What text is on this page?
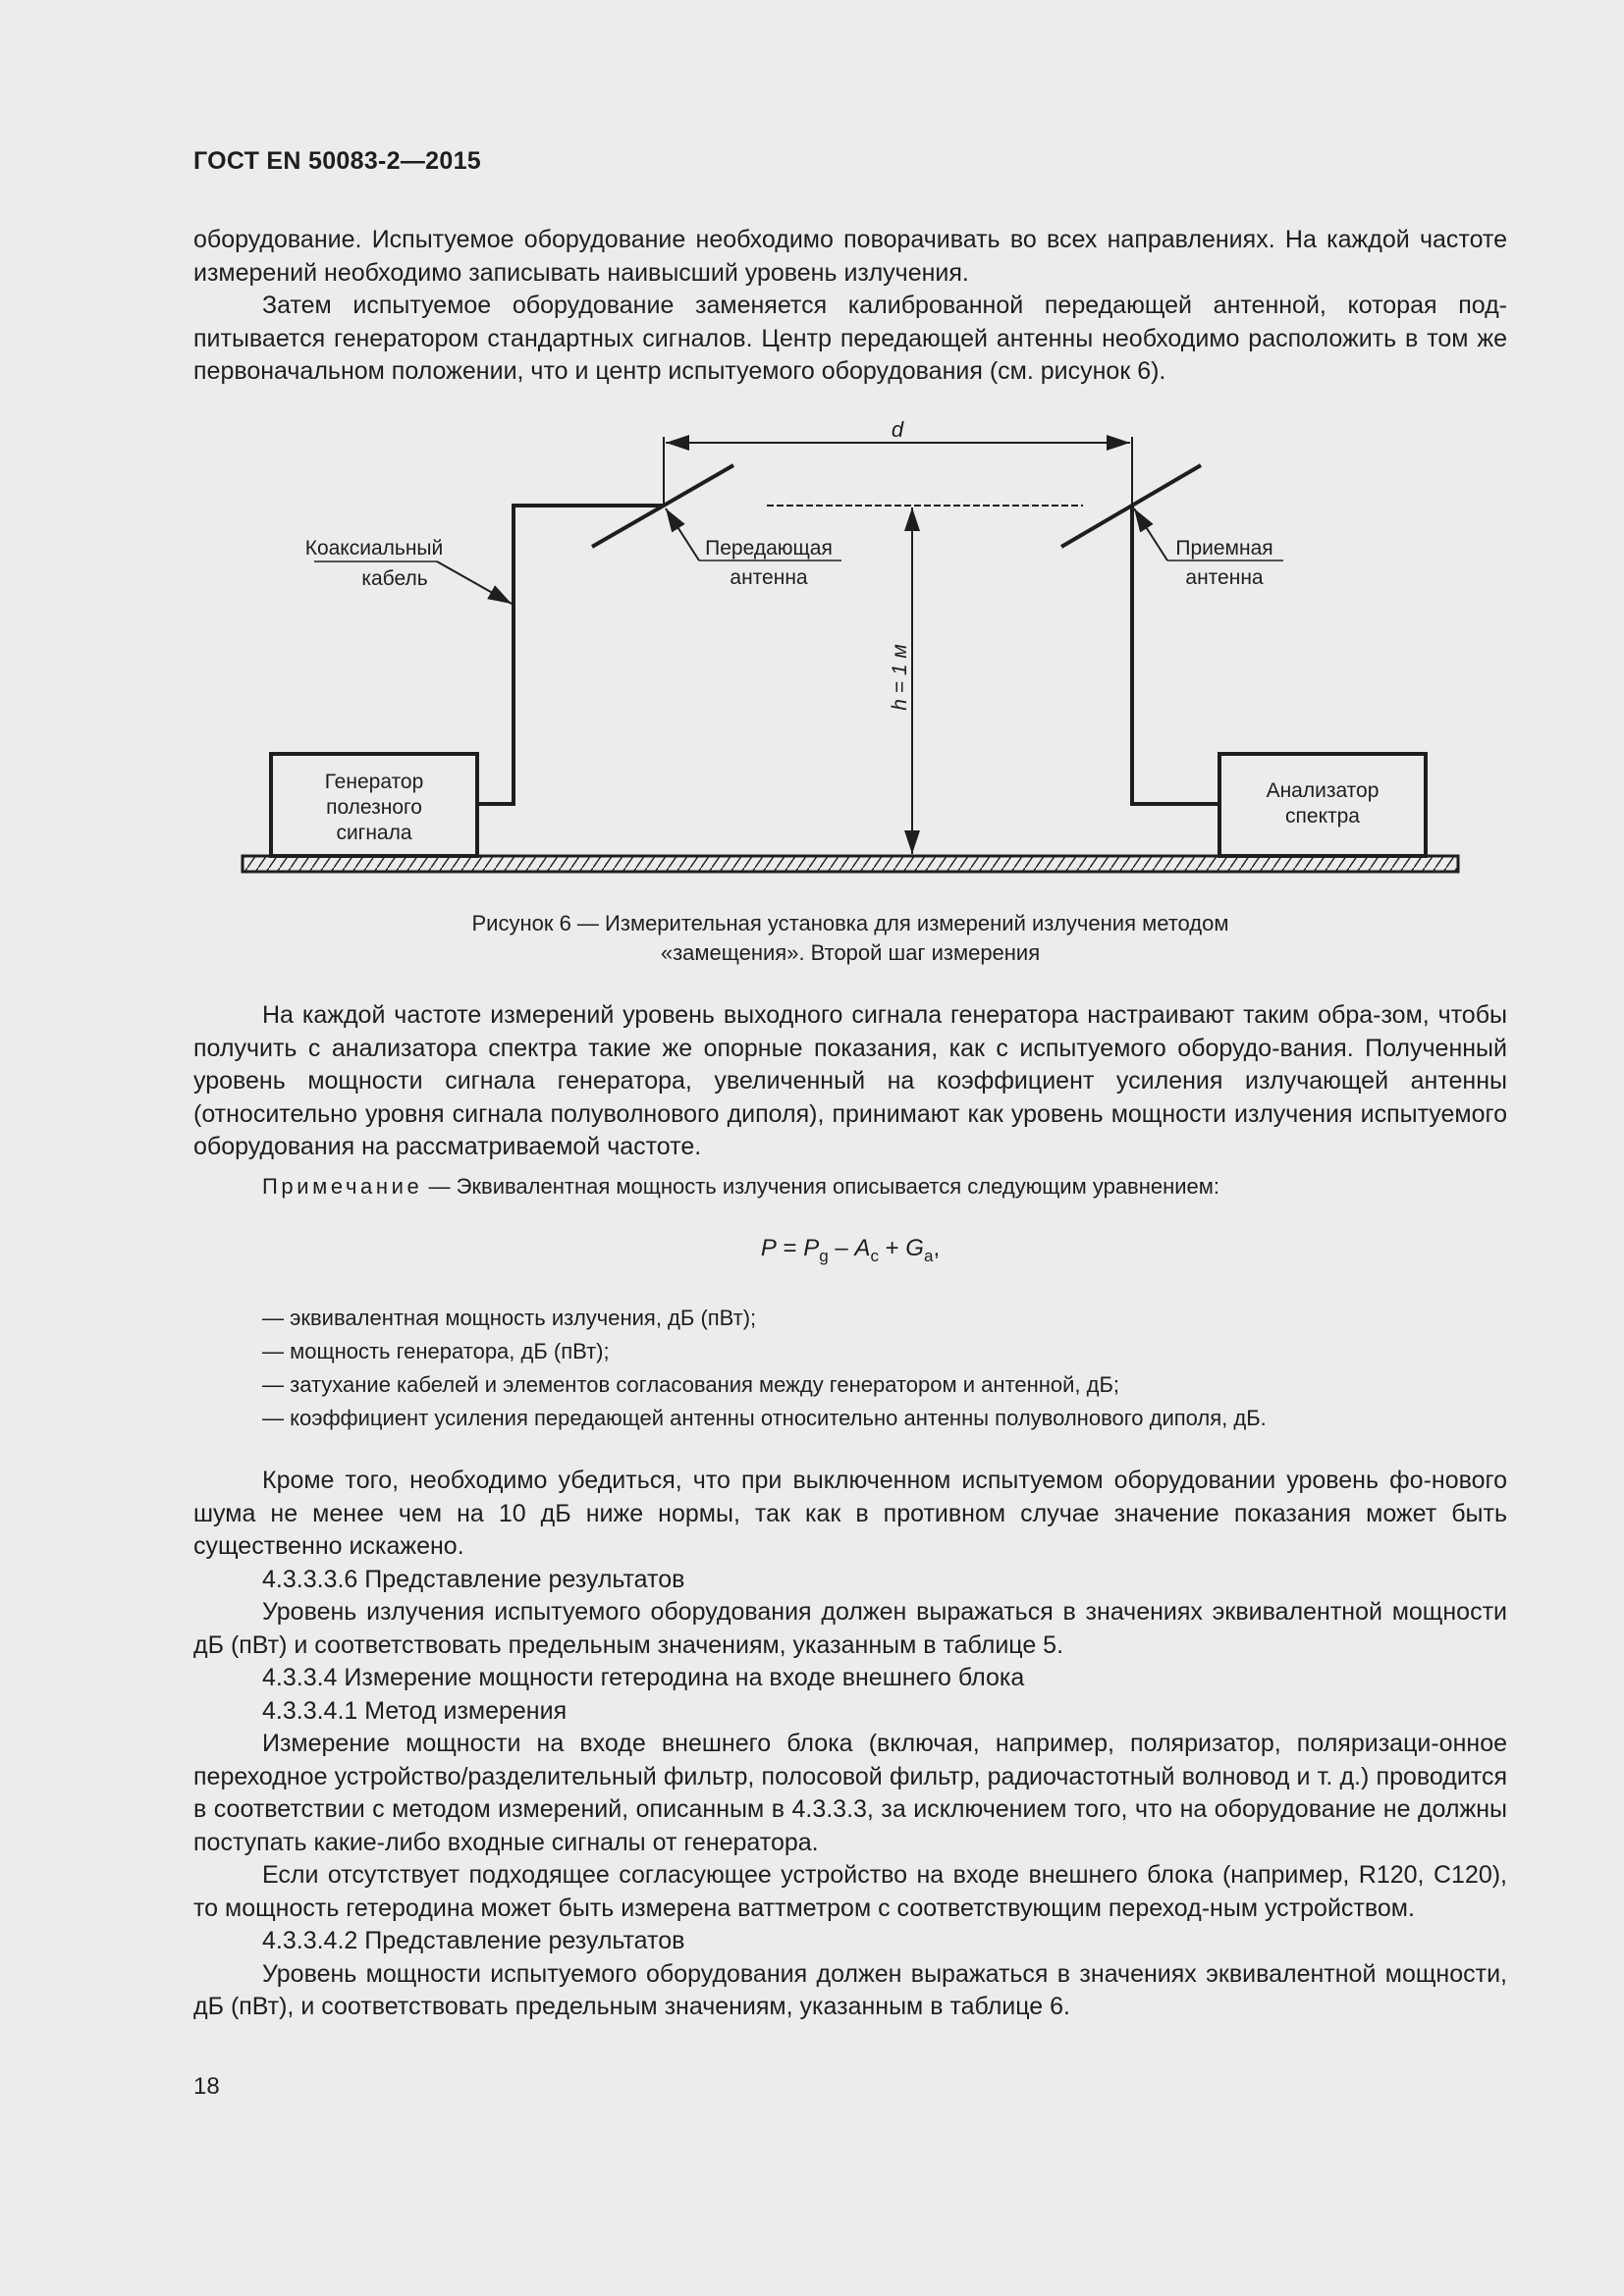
ГОСТ EN 50083-2—2015

оборудование. Испытуемое оборудование необходимо поворачивать во всех направлениях. На каждой частоте измерений необходимо записывать наивысший уровень излучения.

Затем испытуемое оборудование заменяется калиброванной передающей антенной, которая под-питывается генератором стандартных сигналов. Центр передающей антенны необходимо расположить в том же первоначальном положении, что и центр испытуемого оборудования (см. рисунок 6).

Генератор
полезного
сигнала
Анализатор
спектра
d
h = 1 м
Коаксиальный
кабель
Передающая
антенна
Приемная
антенна
Рисунок 6 — Измерительная установка для измерений излучения методом
«замещения». Второй шаг измерения

На каждой частоте измерений уровень выходного сигнала генератора настраивают таким обра-зом, чтобы получить с анализатора спектра такие же опорные показания, как с испытуемого оборудо-вания. Полученный уровень мощности сигнала генератора, увеличенный на коэффициент усиления излучающей антенны (относительно уровня сигнала полуволнового диполя), принимают как уровень мощности излучения испытуемого оборудования на рассматриваемой частоте.

Примечание — Эквивалентная мощность излучения описывается следующим уравнением:

$P = P_g - A_c + G_a$,
— эквивалентная мощность излучения, дБ (пВт);
— мощность генератора, дБ (пВт);
— затухание кабелей и элементов согласования между генератором и антенной, дБ;
— коэффициент усиления передающей антенны относительно антенны полуволнового диполя, дБ.

Кроме того, необходимо убедиться, что при выключенном испытуемом оборудовании уровень фо-нового шума не менее чем на 10 дБ ниже нормы, так как в противном случае значение показания может быть существенно искажено.

4.3.3.3.6 Представление результатов

Уровень излучения испытуемого оборудования должен выражаться в значениях эквивалентной мощности дБ (пВт) и соответствовать предельным значениям, указанным в таблице 5.

4.3.3.4 Измерение мощности гетеродина на входе внешнего блока

4.3.3.4.1 Метод измерения

Измерение мощности на входе внешнего блока (включая, например, поляризатор, поляризаци-онное переходное устройство/разделительный фильтр, полосовой фильтр, радиочастотный волновод и т. д.) проводится в соответствии с методом измерений, описанным в 4.3.3.3, за исключением того, что на оборудование не должны поступать какие-либо входные сигналы от генератора.

Если отсутствует подходящее согласующее устройство на входе внешнего блока (например, R120, C120), то мощность гетеродина может быть измерена ваттметром с соответствующим переход-ным устройством.

4.3.3.4.2 Представление результатов

Уровень мощности испытуемого оборудования должен выражаться в значениях эквивалентной мощности, дБ (пВт), и соответствовать предельным значениям, указанным в таблице 6.

18
